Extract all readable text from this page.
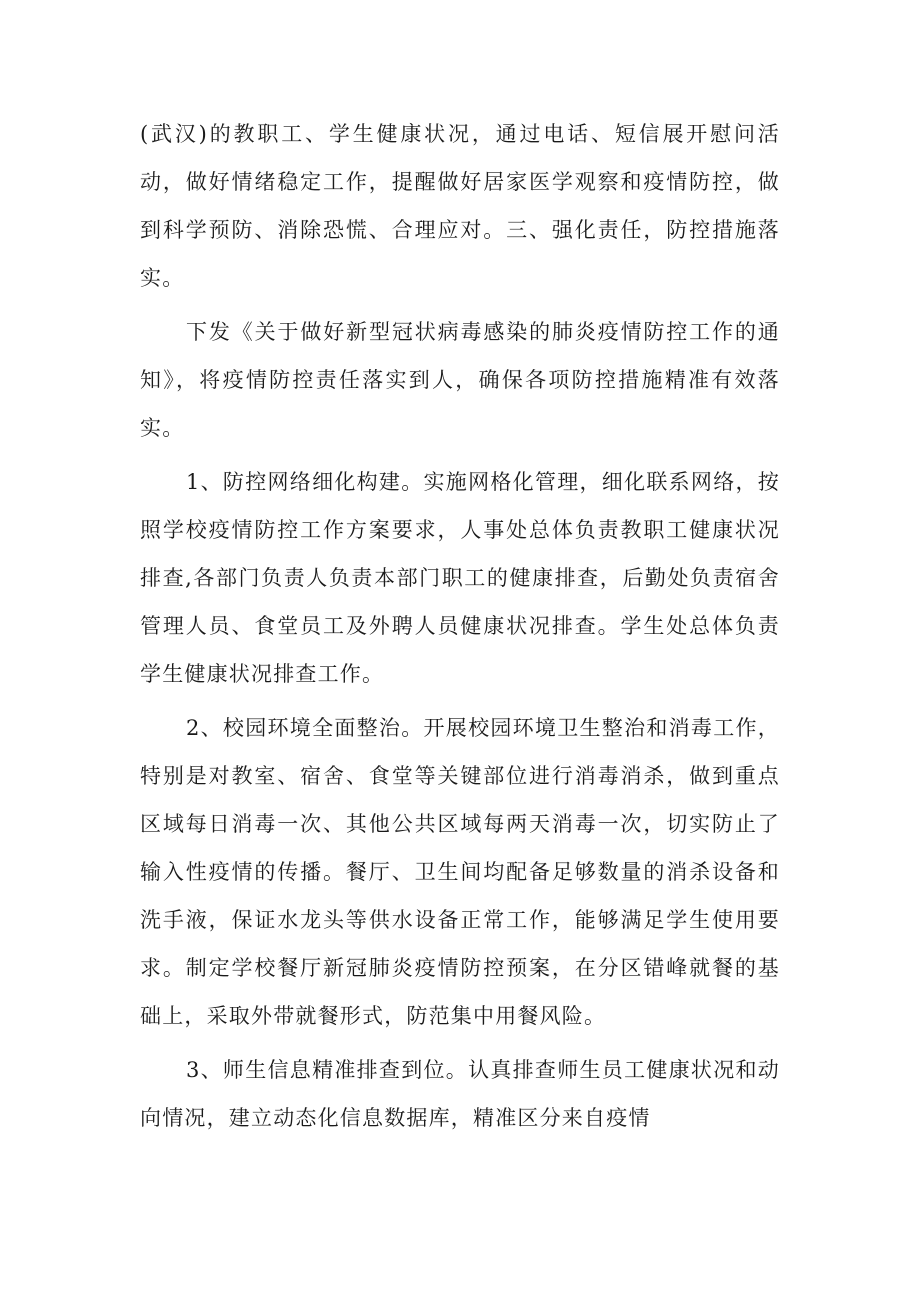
(武汉)的教职工、学生健康状况，通过电话、短信展开慰问活动，做好情绪稳定工作，提醒做好居家医学观察和疫情防控，做到科学预防、消除恐慌、合理应对。三、强化责任，防控措施落实。

下发《关于做好新型冠状病毒感染的肺炎疫情防控工作的通知》，将疫情防控责任落实到人，确保各项防控措施精准有效落 实。

1、防控网络细化构建。实施网格化管理，细化联系网络，按照学校疫情防控工作方案要求，人事处总体负责教职工健康状况排查,各部门负责人负责本部门职工的健康排查，后勤处负责宿舍管理人员、食堂员工及外聘人员健康状况排查。学生处总体负责学生健康状况排查工作。

2、校园环境全面整治。开展校园环境卫生整治和消毒工作，特别是对教室、宿舍、食堂等关键部位进行消毒消杀，做到重点区域每日消毒一次、其他公共区域每两天消毒一次，切实防止了输入性疫情的传播。餐厅、卫生间均配备足够数量的消杀设备和洗手液，保证水龙头等供水设备正常工作，能够满足学生使用要求。制定学校餐厅新冠肺炎疫情防控预案，在分区错峰就餐的基础上，采取外带就餐形式，防范集中用餐风险。

3、师生信息精准排查到位。认真排查师生员工健康状况和动向情况，建立动态化信息数据库，精准区分来自疫情
